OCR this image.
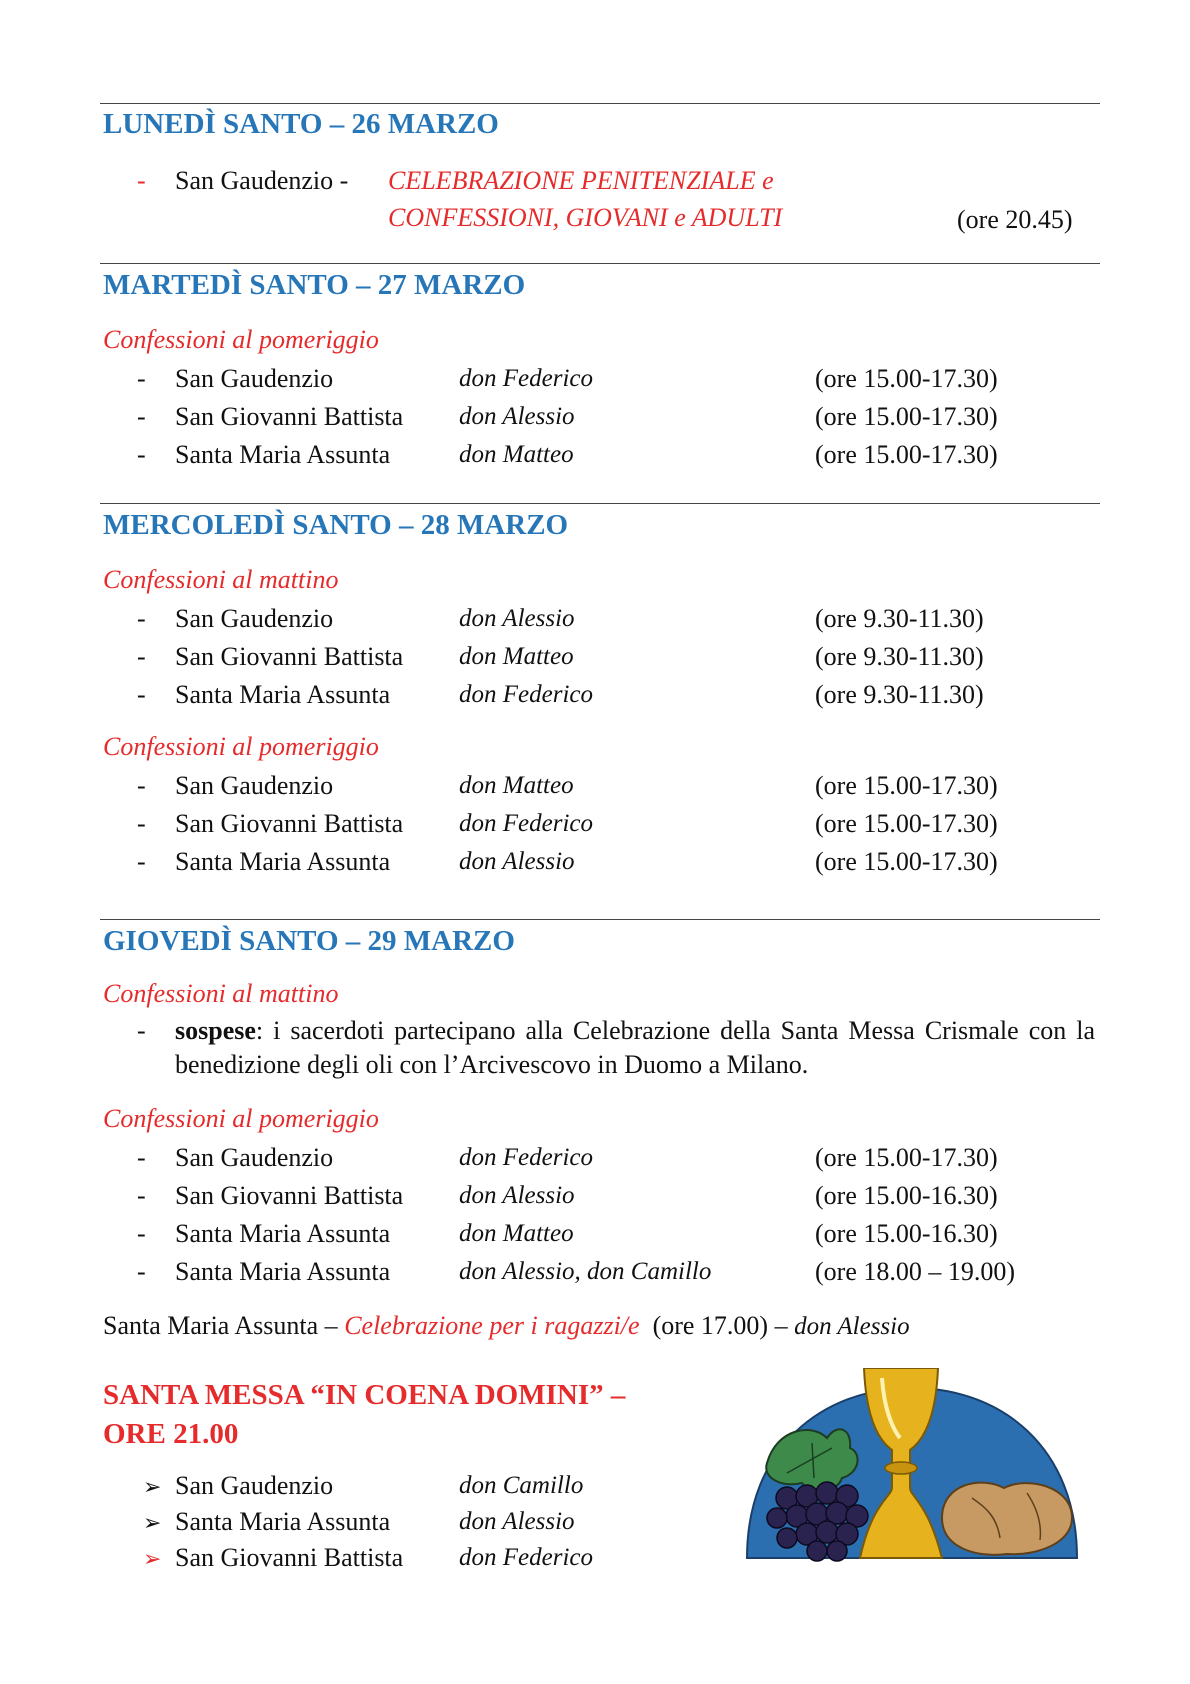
LUNEDÌ SANTO – 26 MARZO
- San Gaudenzio - CELEBRAZIONE PENITENZIALE e
CONFESSIONI, GIOVANI e ADULTI	(ore 20.45)
MARTEDÌ SANTO – 27 MARZO
Confessioni al pomeriggio
- San Gaudenzio	don Federico	(ore 15.00-17.30)
- San Giovanni Battista don Alessio	(ore 15.00-17.30)
- Santa Maria Assunta	don Matteo	(ore 15.00-17.30)
MERCOLEDÌ SANTO – 28 MARZO
Confessioni al mattino
- San Gaudenzio	don Alessio	(ore 9.30-11.30)
- San Giovanni Battista don Matteo	(ore 9.30-11.30)
- Santa Maria Assunta	don Federico	(ore 9.30-11.30)
Confessioni al pomeriggio
- San Gaudenzio	don Matteo	(ore 15.00-17.30)
- San Giovanni Battista don Federico	(ore 15.00-17.30)
- Santa Maria Assunta	don Alessio	(ore 15.00-17.30)
GIOVEDÌ SANTO – 29 MARZO
Confessioni al mattino
- sospese: i sacerdoti partecipano alla Celebrazione della Santa Messa Crismale con la benedizione degli oli con l’Arcivescovo in Duomo a Milano.
Confessioni al pomeriggio
- San Gaudenzio	don Federico	(ore 15.00-17.30)
- San Giovanni Battista don Alessio	(ore 15.00-16.30)
- Santa Maria Assunta	don Matteo	(ore 15.00-16.30)
- Santa Maria Assunta	don Alessio, don Camillo	(ore 18.00 – 19.00)
Santa Maria Assunta – Celebrazione per i ragazzi/e (ore 17.00) – don Alessio
SANTA MESSA “IN COENA DOMINI” –
ORE 21.00
➢ San Gaudenzio	don Camillo
➢ Santa Maria Assunta	don Alessio
➢ San Giovanni Battista don Federico
